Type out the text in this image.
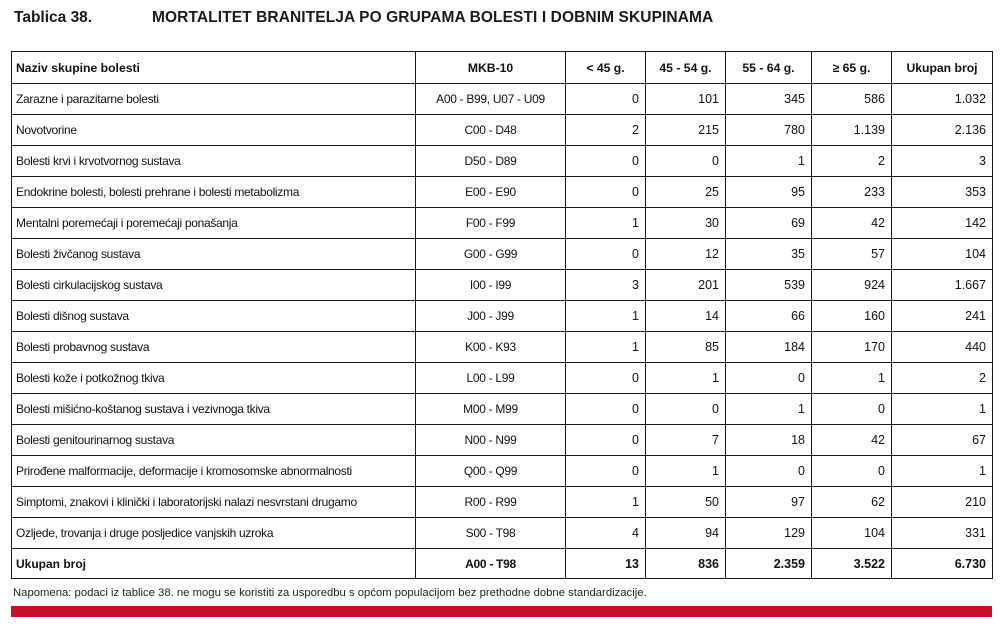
Tablica 38.	MORTALITET BRANITELJA PO GRUPAMA BOLESTI I DOBNIM SKUPINAMA
Naziv skupine bolesti	MKB-10	< 45 g.	45 - 54 g.	55 - 64 g.	≥ 65 g.	Ukupan broj
Zarazne i parazitarne bolesti	A00 - B99, U07 - U09	0	101	345	586	1.032
Novotvorine	C00 - D48	2	215	780	1.139	2.136
Bolesti krvi i krvotvornog sustava	D50 - D89	0	0	1	2	3
Endokrine bolesti, bolesti prehrane i bolesti metabolizma	E00 - E90	0	25	95	233	353
Mentalni poremećaji i poremećaji ponašanja	F00 - F99	1	30	69	42	142
Bolesti živčanog sustava	G00 - G99	0	12	35	57	104
Bolesti cirkulacijskog sustava	I00 - I99	3	201	539	924	1.667
Bolesti dišnog sustava	J00 - J99	1	14	66	160	241
Bolesti probavnog sustava	K00 - K93	1	85	184	170	440
Bolesti kože i potkožnog tkiva	L00 - L99	0	1	0	1	2
Bolesti mišićno-koštanog sustava i vezivnoga tkiva	M00 - M99	0	0	1	0	1
Bolesti genitourinarnog sustava	N00 - N99	0	7	18	42	67
Prirođene malformacije, deformacije i kromosomske abnormalnosti	Q00 - Q99	0	1	0	0	1
Simptomi, znakovi i klinički i laboratorijski nalazi nesvrstani drugamo	R00 - R99	1	50	97	62	210
Ozljede, trovanja i druge posljedice vanjskih uzroka	S00 - T98	4	94	129	104	331
Ukupan broj	A00 - T98	13	836	2.359	3.522	6.730
Napomena: podaci iz tablice 38. ne mogu se koristiti za usporedbu s općom populacijom bez prethodne dobne standardizacije.
